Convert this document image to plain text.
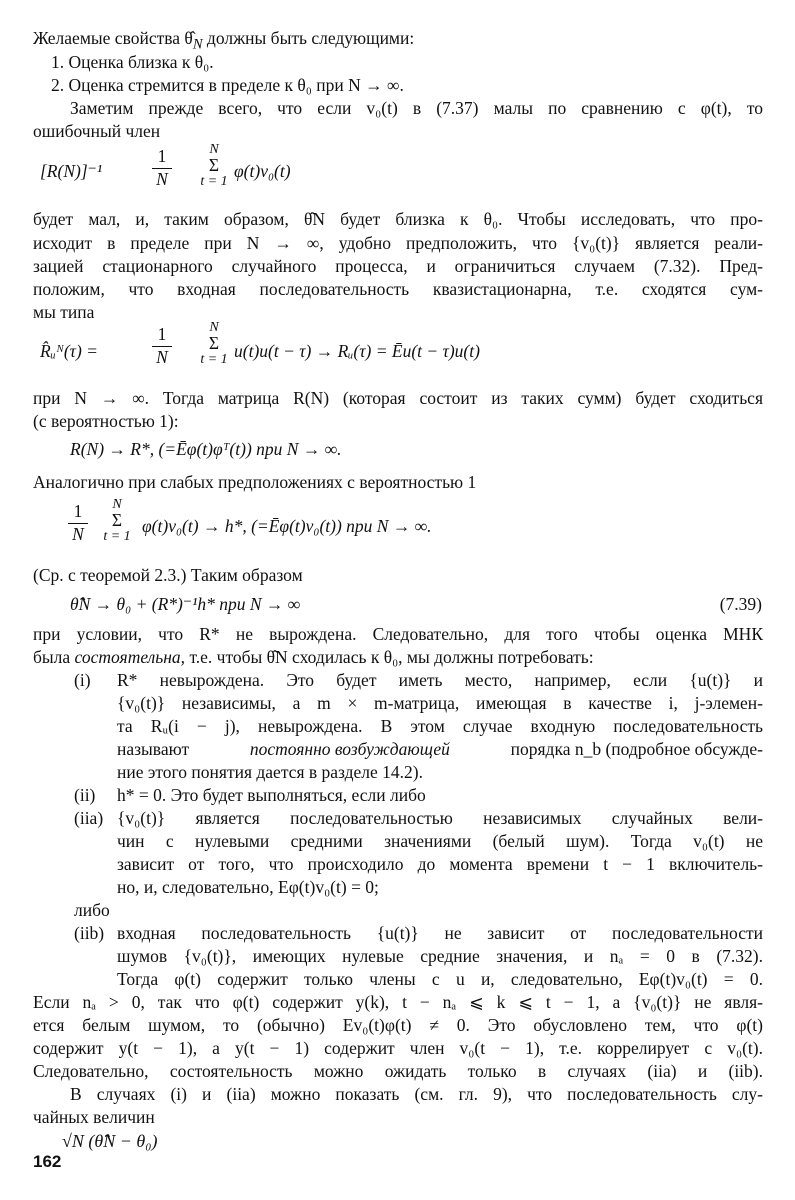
Желаемые свойства $\thetâ_N$ должны быть следующими:
1. Оценка близка к θ₀.
2. Оценка стремится в пределе к θ₀ при N → ∞.
Заметим прежде всего, что если v₀(t) в (7.37) малы по сравнению с φ(t), то
ошибочный член
[R(N)]⁻¹	$\frac{1}{N}$	N
Σ
t = 1 φ(t)v₀(t)
будет мал, и, таким образом, θ̂N будет близка к θ₀. Чтобы исследовать, что про-
исходит в пределе при N → ∞, удобно предположить, что {v₀(t)} является реали-
зацией стационарного случайного процесса, и ограничиться случаем (7.32). Пред-
положим, что входная последовательность квазистационарна, т.е. сходятся сум-
мы типа
R̂ᵤᴺ(τ) =	$\frac{1}{N}$	N
Σ
t = 1 u(t)u(t − τ) → Rᵤ(τ) = Ēu(t − τ)u(t)
при N → ∞. Тогда матрица R(N) (которая состоит из таких сумм) будет сходиться
(с вероятностью 1):
R(N) → R*, (=Ēφ(t)φᵀ(t)) при N → ∞.
Аналогично при слабых предположениях с вероятностью 1
$\frac{1}{N}$	N
Σ
t = 1 φ(t)v₀(t) → h*, (=Ēφ(t)v₀(t)) при N → ∞.
(Ср. с теоремой 2.3.) Таким образом
θ̂N → θ₀ + (R*)⁻¹h* при N → ∞	(7.39)
при условии, что R* не вырождена. Следовательно, для того чтобы оценка МНК
была состоятельна, т.е. чтобы θ̂N сходилась к θ₀, мы должны потребовать:
(i) R* невырождена. Это будет иметь место, например, если {u(t)} и
{v₀(t)} независимы, а m × m-матрица, имеющая в качестве i, j-элемен-
та Rᵤ(i − j), невырождена. В этом случае входную последовательность
называют	постоянно возбуждающей	порядка n_b (подробное обсужде-
ние этого понятия дается в разделе 14.2).
(ii) h* = 0. Это будет выполняться, если либо
(iia) {v₀(t)} является последовательностью независимых случайных вели-
чин с нулевыми средними значениями (белый шум). Тогда v₀(t) не
зависит от того, что происходило до момента времени t − 1 включитель-
но, и, следовательно, Eφ(t)v₀(t) = 0;
либо
(iib) входная последовательность {u(t)} не зависит от последовательности
шумов {v₀(t)}, имеющих нулевые средние значения, и nₐ = 0 в (7.32).
Тогда φ(t) содержит только члены с u и, следовательно, Eφ(t)v₀(t) = 0.
Если nₐ > 0, так что φ(t) содержит y(k), t − nₐ ⩽ k ⩽ t − 1, а {v₀(t)} не явля-
ется белым шумом, то (обычно) Ev₀(t)φ(t) ≠ 0. Это обусловлено тем, что φ(t)
содержит y(t − 1), а y(t − 1) содержит член v₀(t − 1), т.е. коррелирует с v₀(t).
Следовательно, состоятельность можно ожидать только в случаях (iia) и (iib).
В случаях (i) и (iia) можно показать (см. гл. 9), что последовательность слу-
чайных величин
√N (θ̂N − θ₀)
162
